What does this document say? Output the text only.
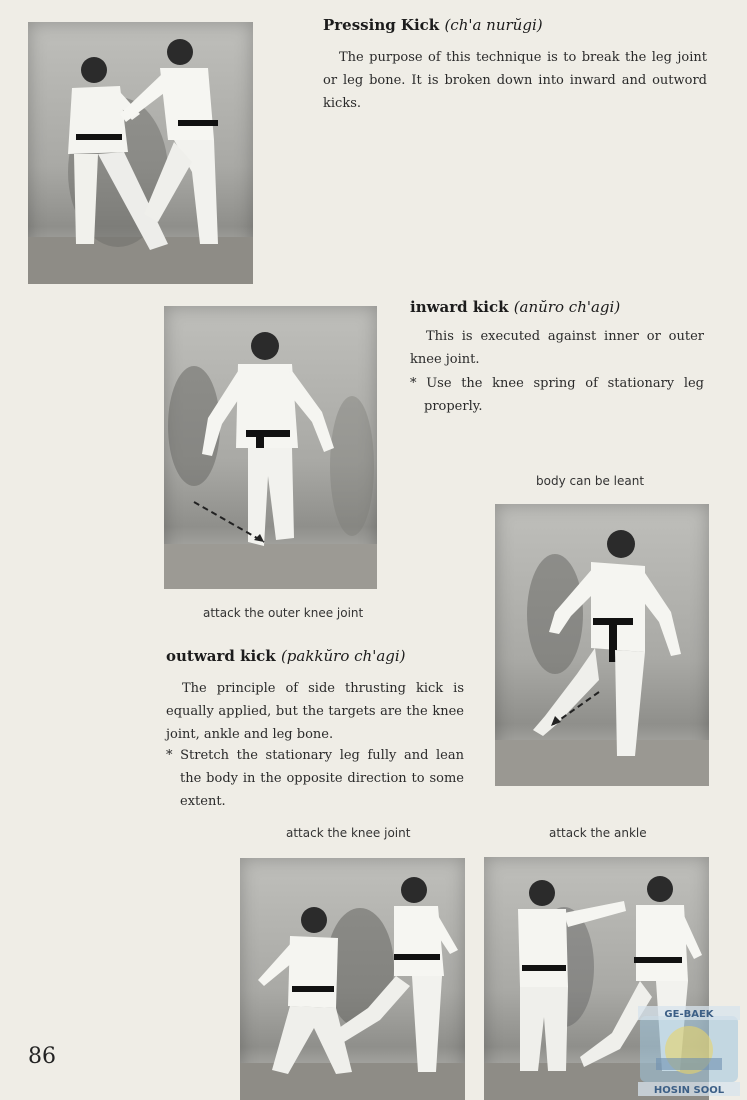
Pressing Kick (ch'a nurŭgi)
The purpose of this technique is to break the leg joint or leg bone. It is broken down into inward and outword kicks.
inward kick (anŭro ch'agi)
This is executed against inner or outer knee joint.
* Use the knee spring of stationary leg properly.
body can be leant
attack the outer knee joint
outward kick (pakkŭro ch'agi)
The principle of side thrusting kick is equally applied, but the targets are the knee joint, ankle and leg bone.
* Stretch the stationary leg fully and lean the body in the opposite direction to some extent.
attack the knee joint	attack the ankle
86
GE-BAEK
HOSIN SOOL
